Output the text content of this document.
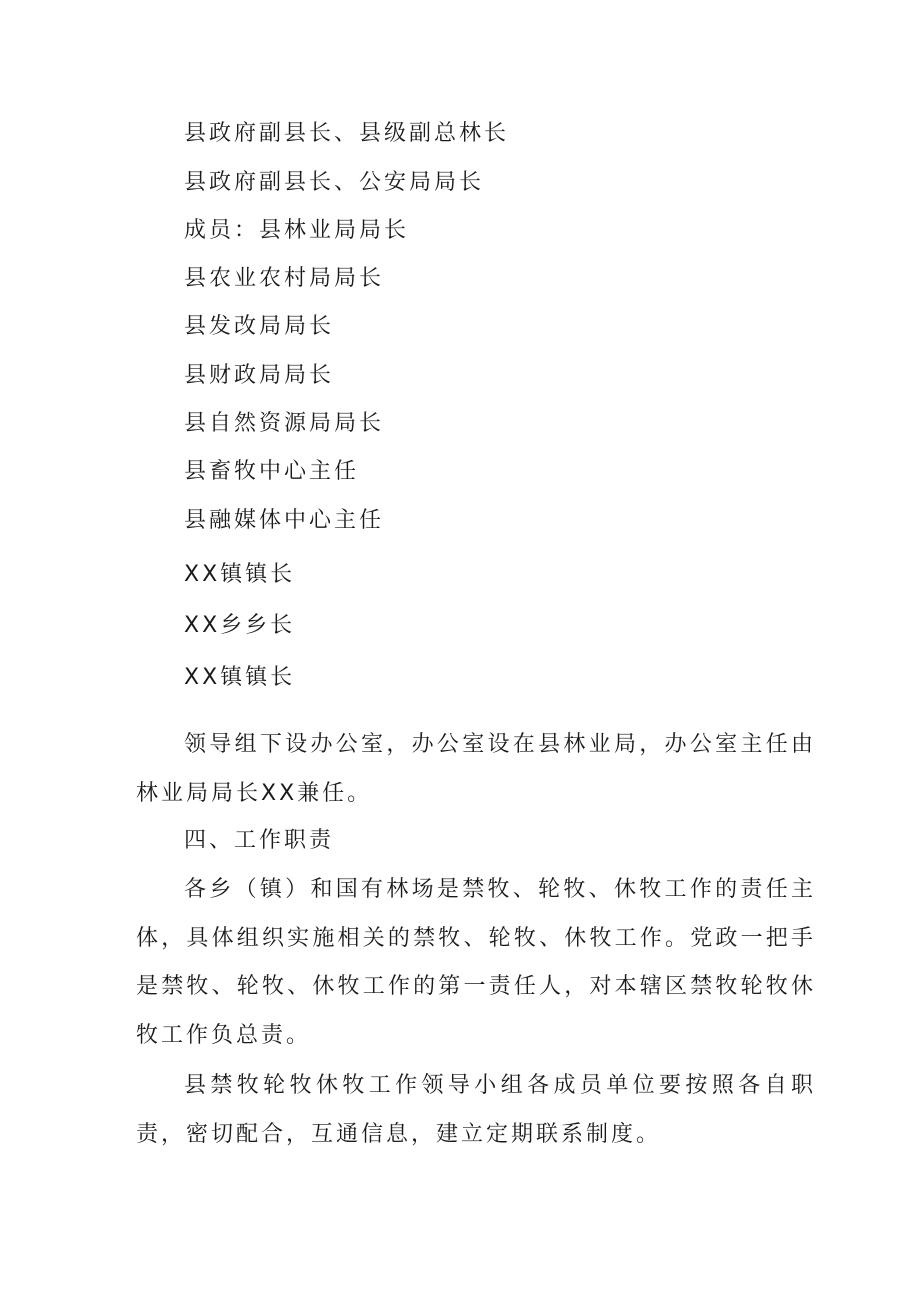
县政府副县长、县级副总林长
县政府副县长、公安局局长
成员：县林业局局长
县农业农村局局长
县发改局局长
县财政局局长
县自然资源局局长
县畜牧中心主任
县融媒体中心主任
XX镇镇长
XX乡乡长
XX镇镇长
领导组下设办公室，办公室设在县林业局，办公室主任由林业局局长XX兼任。
四、工作职责
各乡（镇）和国有林场是禁牧、轮牧、休牧工作的责任主体，具体组织实施相关的禁牧、轮牧、休牧工作。党政一把手是禁牧、轮牧、休牧工作的第一责任人，对本辖区禁牧轮牧休牧工作负总责。
县禁牧轮牧休牧工作领导小组各成员单位要按照各自职责，密切配合，互通信息，建立定期联系制度。
